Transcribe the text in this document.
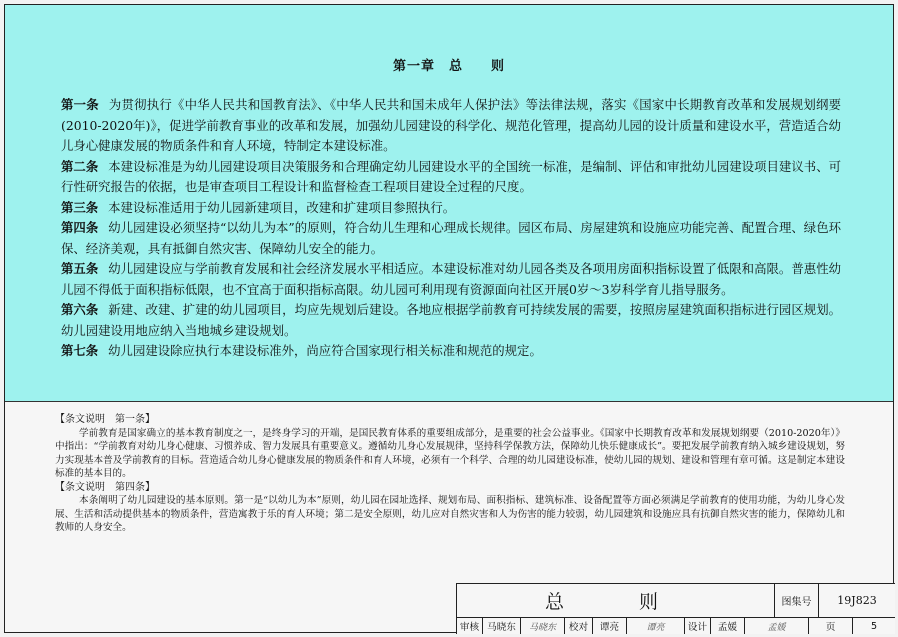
第一章　总　　则

第一条 为贯彻执行《中华人民共和国教育法》、《中华人民共和国未成年人保护法》等法律法规，落实《国家中长期教育改革和发展规划纲要(2010-2020年)》，促进学前教育事业的改革和发展，加强幼儿园建设的科学化、规范化管理，提高幼儿园的设计质量和建设水平，营造适合幼儿身心健康发展的物质条件和育人环境，特制定本建设标准。

第二条 本建设标准是为幼儿园建设项目决策服务和合理确定幼儿园建设水平的全国统一标准，是编制、评估和审批幼儿园建设项目建议书、可行性研究报告的依据，也是审查项目工程设计和监督检查工程项目建设全过程的尺度。

第三条 本建设标准适用于幼儿园新建项目，改建和扩建项目参照执行。

第四条 幼儿园建设必须坚持“以幼儿为本”的原则，符合幼儿生理和心理成长规律。园区布局、房屋建筑和设施应功能完善、配置合理、绿色环保、经济美观，具有抵御自然灾害、保障幼儿安全的能力。

第五条 幼儿园建设应与学前教育发展和社会经济发展水平相适应。本建设标准对幼儿园各类及各项用房面积指标设置了低限和高限。普惠性幼儿园不得低于面积指标低限，也不宜高于面积指标高限。幼儿园可利用现有资源面向社区开展0岁～3岁科学育儿指导服务。

第六条 新建、改建、扩建的幼儿园项目，均应先规划后建设。各地应根据学前教育可持续发展的需要，按照房屋建筑面积指标进行园区规划。幼儿园建设用地应纳入当地城乡建设规划。

第七条 幼儿园建设除应执行本建设标准外，尚应符合国家现行相关标准和规范的规定。

【条文说明　第一条】

学前教育是国家确立的基本教育制度之一，是终身学习的开端，是国民教育体系的重要组成部分，是重要的社会公益事业。《国家中长期教育改革和发展规划纲要（2010-2020年）》中指出：“学前教育对幼儿身心健康、习惯养成、智力发展具有重要意义。遵循幼儿身心发展规律，坚持科学保教方法，保障幼儿快乐健康成长”。要把发展学前教育纳入城乡建设规划，努力实现基本普及学前教育的目标。营造适合幼儿身心健康发展的物质条件和育人环境，必须有一个科学、合理的幼儿园建设标准，使幼儿园的规划、建设和管理有章可循。这是制定本建设标准的基本目的。

【条文说明　第四条】

本条阐明了幼儿园建设的基本原则。第一是“以幼儿为本”原则，幼儿园在园址选择、规划布局、面积指标、建筑标准、设备配置等方面必须满足学前教育的使用功能，为幼儿身心发展、生活和活动提供基本的物质条件，营造寓教于乐的育人环境；第二是安全原则，幼儿应对自然灾害和人为伤害的能力较弱，幼儿园建筑和设施应具有抗御自然灾害的能力，保障幼儿和教师的人身安全。

总　则	图集号	19J823
审核 马晓东	马晓东	校对	谭亮	谭亮	设计	孟媛	孟媛	页	5
